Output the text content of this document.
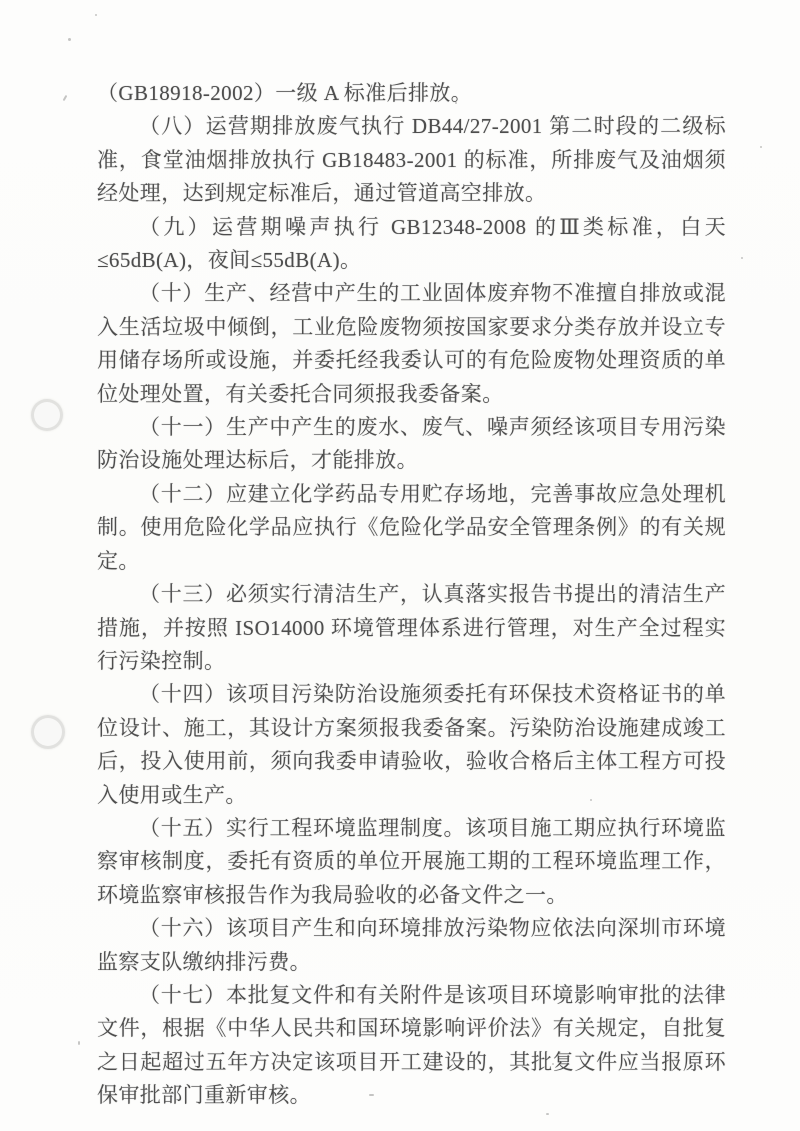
（GB18918-2002）一级 A 标准后排放。

（八）运营期排放废气执行 DB44/27-2001 第二时段的二级标准，食堂油烟排放执行 GB18483-2001 的标准，所排废气及油烟须经处理，达到规定标准后，通过管道高空排放。

（九）运营期噪声执行 GB12348-2008 的Ⅲ类标准，白天≤65dB(A)，夜间≤55dB(A)。

（十）生产、经营中产生的工业固体废弃物不准擅自排放或混入生活垃圾中倾倒，工业危险废物须按国家要求分类存放并设立专用储存场所或设施，并委托经我委认可的有危险废物处理资质的单位处理处置，有关委托合同须报我委备案。

（十一）生产中产生的废水、废气、噪声须经该项目专用污染防治设施处理达标后，才能排放。

（十二）应建立化学药品专用贮存场地，完善事故应急处理机制。使用危险化学品应执行《危险化学品安全管理条例》的有关规定。

（十三）必须实行清洁生产，认真落实报告书提出的清洁生产措施，并按照 ISO14000 环境管理体系进行管理，对生产全过程实行污染控制。

（十四）该项目污染防治设施须委托有环保技术资格证书的单位设计、施工，其设计方案须报我委备案。污染防治设施建成竣工后，投入使用前，须向我委申请验收，验收合格后主体工程方可投入使用或生产。

（十五）实行工程环境监理制度。该项目施工期应执行环境监察审核制度，委托有资质的单位开展施工期的工程环境监理工作，环境监察审核报告作为我局验收的必备文件之一。

（十六）该项目产生和向环境排放污染物应依法向深圳市环境监察支队缴纳排污费。

（十七）本批复文件和有关附件是该项目环境影响审批的法律文件，根据《中华人民共和国环境影响评价法》有关规定，自批复之日起超过五年方决定该项目开工建设的，其批复文件应当报原环保审批部门重新审核。
